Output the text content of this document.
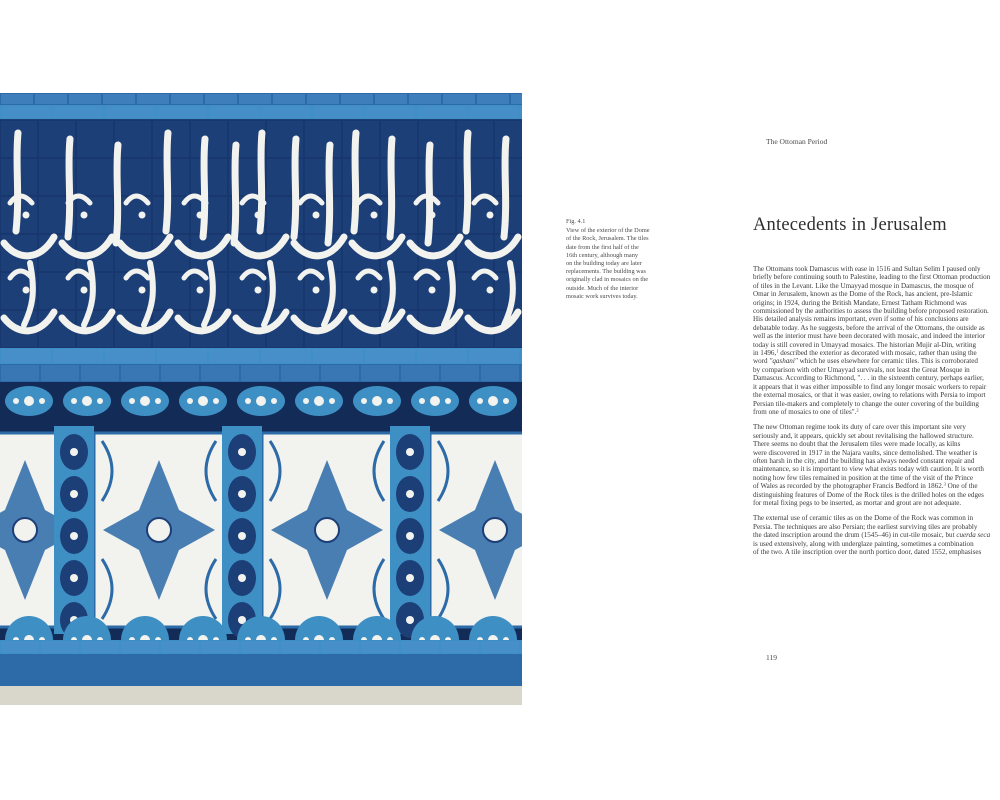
Fig. 4.1
View of the exterior of the Dome
of the Rock, Jerusalem. The tiles
date from the first half of the
16th century, although many
on the building today are later
replacements. The building was
originally clad in mosaics on the
outside. Much of the interior
mosaic work survives today.
The Ottoman Period
Antecedents in Jerusalem

The Ottomans took Damascus with ease in 1516 and Sultan Selim I paused only
briefly before continuing south to Palestine, leading to the first Ottoman production
of tiles in the Levant. Like the Umayyad mosque in Damascus, the mosque of
Omar in Jerusalem, known as the Dome of the Rock, has ancient, pre-Islamic
origins; in 1924, during the British Mandate, Ernest Tatham Richmond was
commissioned by the authorities to assess the building before proposed restoration.
His detailed analysis remains important, even if some of his conclusions are
debatable today. As he suggests, before the arrival of the Ottomans, the outside as
well as the interior must have been decorated with mosaic, and indeed the interior
today is still covered in Umayyad mosaics. The historian Mujir al-Din, writing
in 1496,$^1$ described the exterior as decorated with mosaic, rather than using the
word "qashani" which he uses elsewhere for ceramic tiles. This is corroborated
by comparison with other Umayyad survivals, not least the Great Mosque in
Damascus. According to Richmond, ". . . in the sixteenth century, perhaps earlier,
it appears that it was either impossible to find any longer mosaic workers to repair
the external mosaics, or that it was easier, owing to relations with Persia to import
Persian tile-makers and completely to change the outer covering of the building
from one of mosaics to one of tiles".$^2$

The new Ottoman regime took its duty of care over this important site very
seriously and, it appears, quickly set about revitalising the hallowed structure.
There seems no doubt that the Jerusalem tiles were made locally, as kilns
were discovered in 1917 in the Najara vaults, since demolished. The weather is
often harsh in the city, and the building has always needed constant repair and
maintenance, so it is important to view what exists today with caution. It is worth
noting how few tiles remained in position at the time of the visit of the Prince
of Wales as recorded by the photographer Francis Bedford in 1862.$^3$ One of the
distinguishing features of Dome of the Rock tiles is the drilled holes on the edges
for metal fixing pegs to be inserted, as mortar and grout are not adequate.

The external use of ceramic tiles as on the Dome of the Rock was common in
Persia. The techniques are also Persian; the earliest surviving tiles are probably
the dated inscription around the drum (1545–46) in cut-tile mosaic, but cuerda seca
is used extensively, along with underglaze painting, sometimes a combination
of the two. A tile inscription over the north portico door, dated 1552, emphasises

119
